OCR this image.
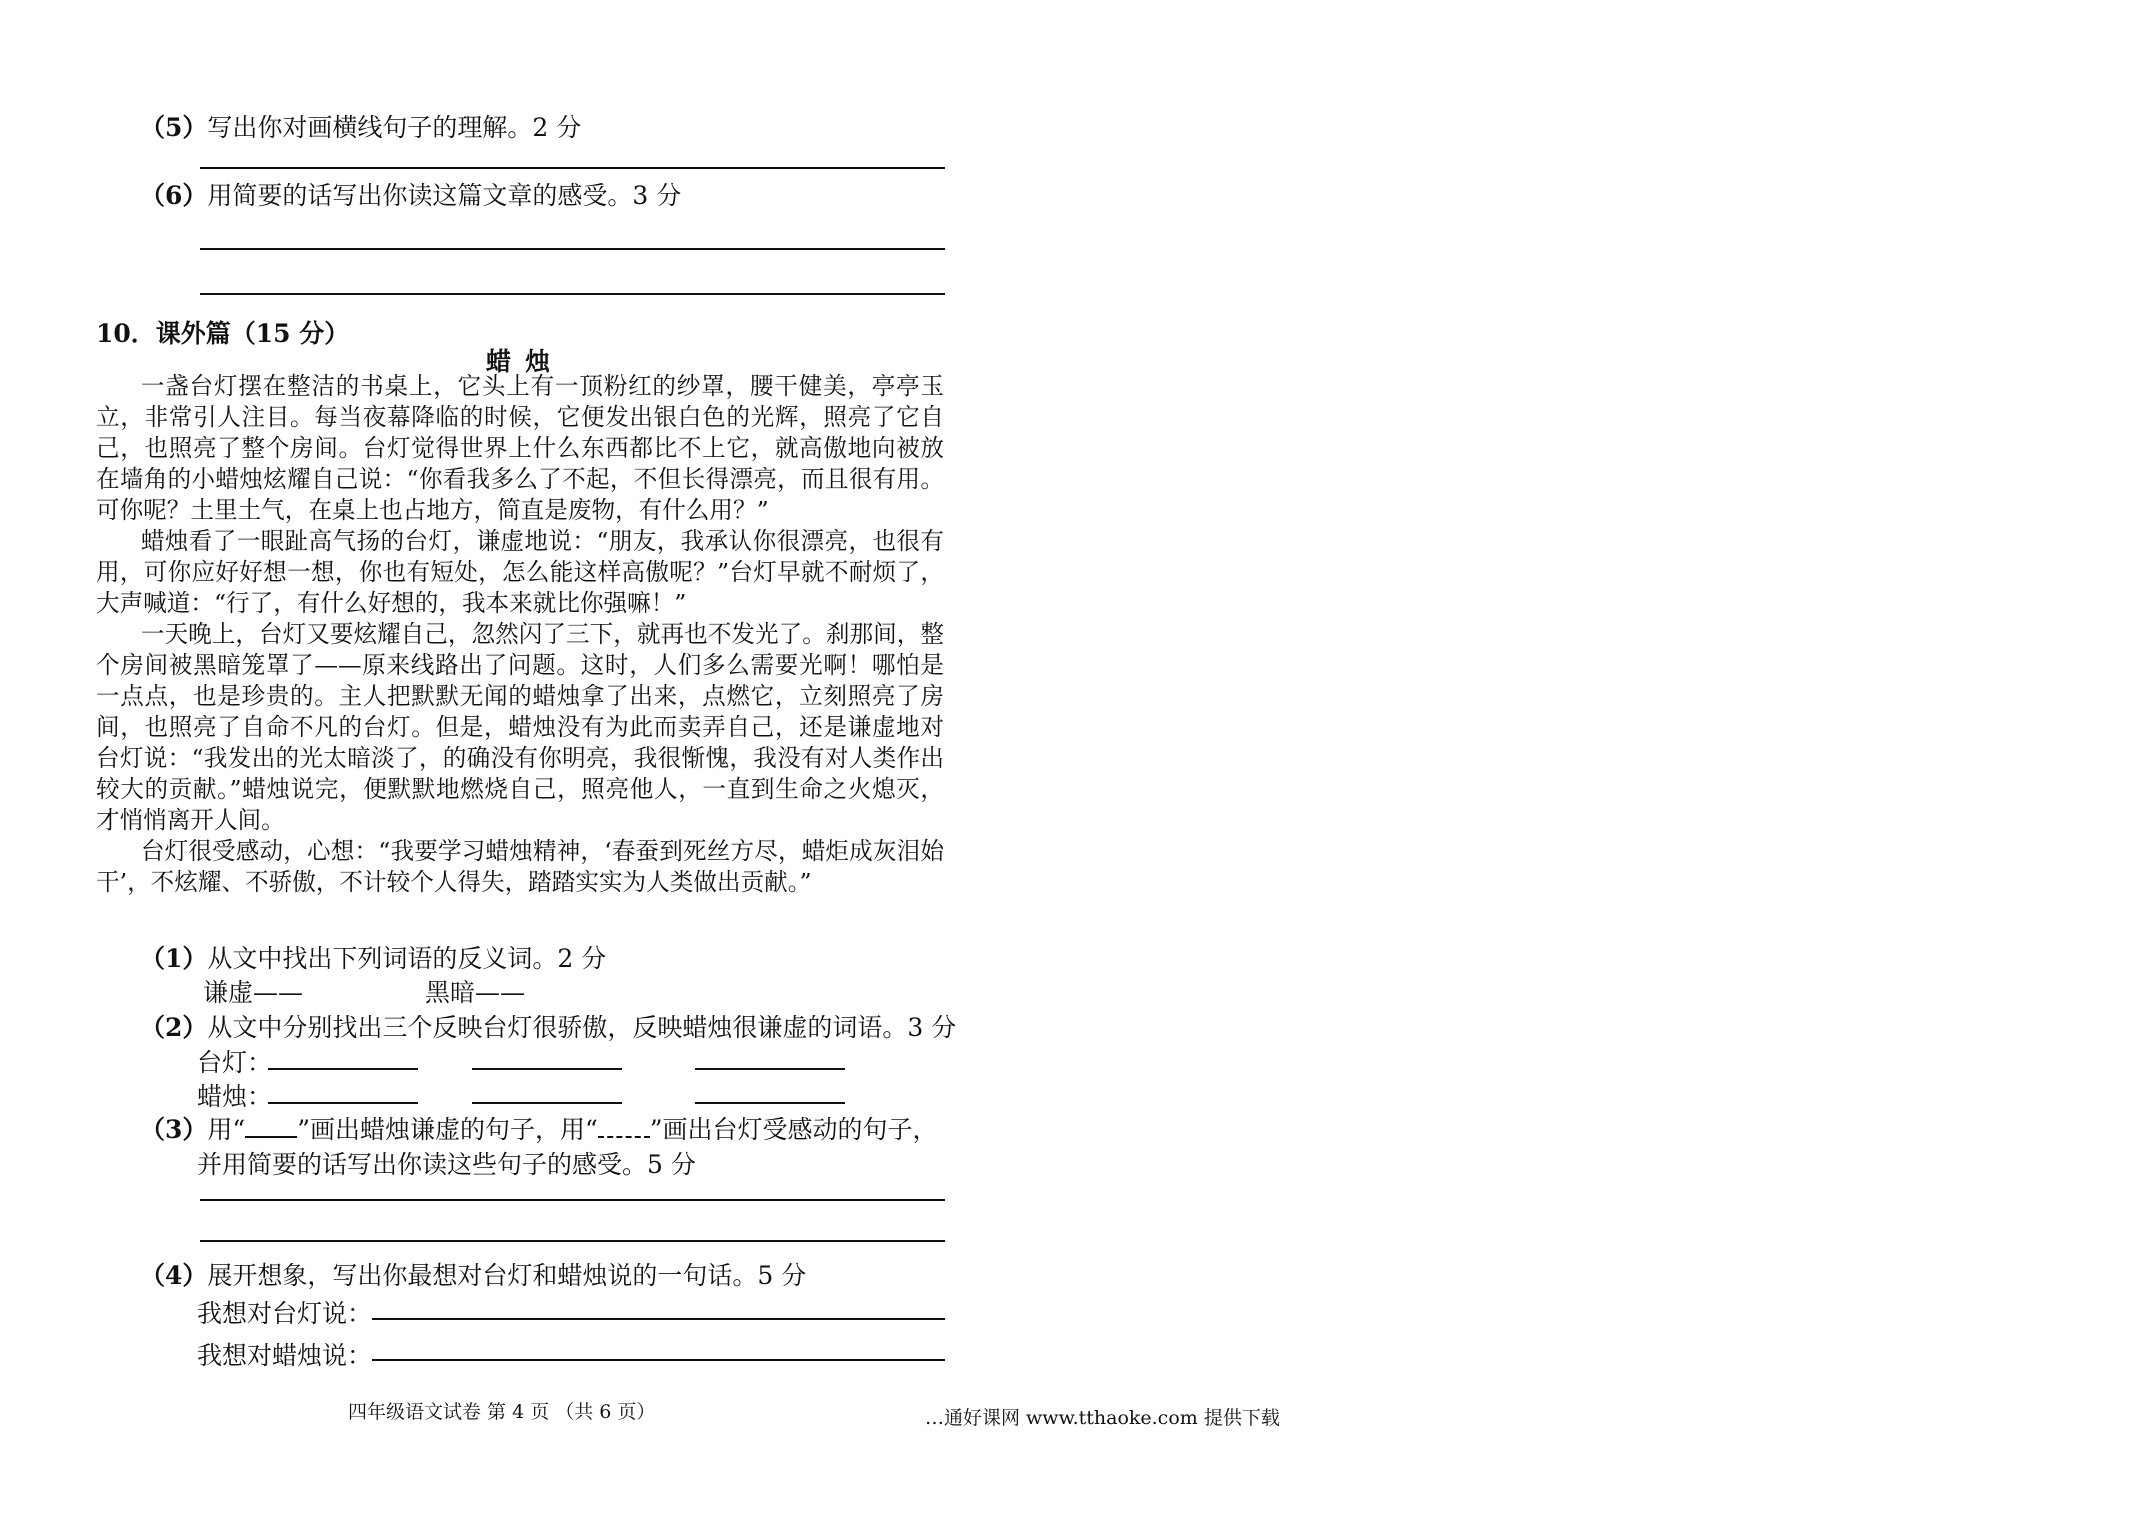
（5）写出你对画横线句子的理解。2 分
（6）用简要的话写出你读这篇文章的感受。3 分
10．课外篇（15 分）
蜡烛

一盏台灯摆在整洁的书桌上，它头上有一顶粉红的纱罩，腰干健美，亭亭玉立，非常引人注目。每当夜幕降临的时候，它便发出银白色的光辉，照亮了它自己，也照亮了整个房间。台灯觉得世界上什么东西都比不上它，就高傲地向被放在墙角的小蜡烛炫耀自己说：“你看我多么了不起，不但长得漂亮，而且很有用。可你呢？土里土气，在桌上也占地方，简直是废物，有什么用？”

蜡烛看了一眼趾高气扬的台灯，谦虚地说：“朋友，我承认你很漂亮，也很有用，可你应好好想一想，你也有短处，怎么能这样高傲呢？”台灯早就不耐烦了，大声喊道：“行了，有什么好想的，我本来就比你强嘛！”

一天晚上，台灯又要炫耀自己，忽然闪了三下，就再也不发光了。刹那间，整个房间被黑暗笼罩了——原来线路出了问题。这时，人们多么需要光啊！哪怕是一点点，也是珍贵的。主人把默默无闻的蜡烛拿了出来，点燃它，立刻照亮了房间，也照亮了自命不凡的台灯。但是，蜡烛没有为此而卖弄自己，还是谦虚地对台灯说：“我发出的光太暗淡了，的确没有你明亮，我很惭愧，我没有对人类作出较大的贡献。”蜡烛说完，便默默地燃烧自己，照亮他人，一直到生命之火熄灭，才悄悄离开人间。

台灯很受感动，心想：“我要学习蜡烛精神，‘春蚕到死丝方尽，蜡炬成灰泪始干’，不炫耀、不骄傲，不计较个人得失，踏踏实实为人类做出贡献。”

（1）从文中找出下列词语的反义词。2 分
谦虚——	黑暗——
（2）从文中分别找出三个反映台灯很骄傲，反映蜡烛很谦虚的词语。3 分
台灯：
蜡烛：
（3）用“ ”画出蜡烛谦虚的句子，用“ ”画出台灯受感动的句子，
并用简要的话写出你读这些句子的感受。5 分
（4）展开想象，写出你最想对台灯和蜡烛说的一句话。5 分
我想对台灯说：
我想对蜡烛说：
四年级语文试卷 第 4 页 （共 6 页）	…通好课网 www.tthaoke.com 提供下载
